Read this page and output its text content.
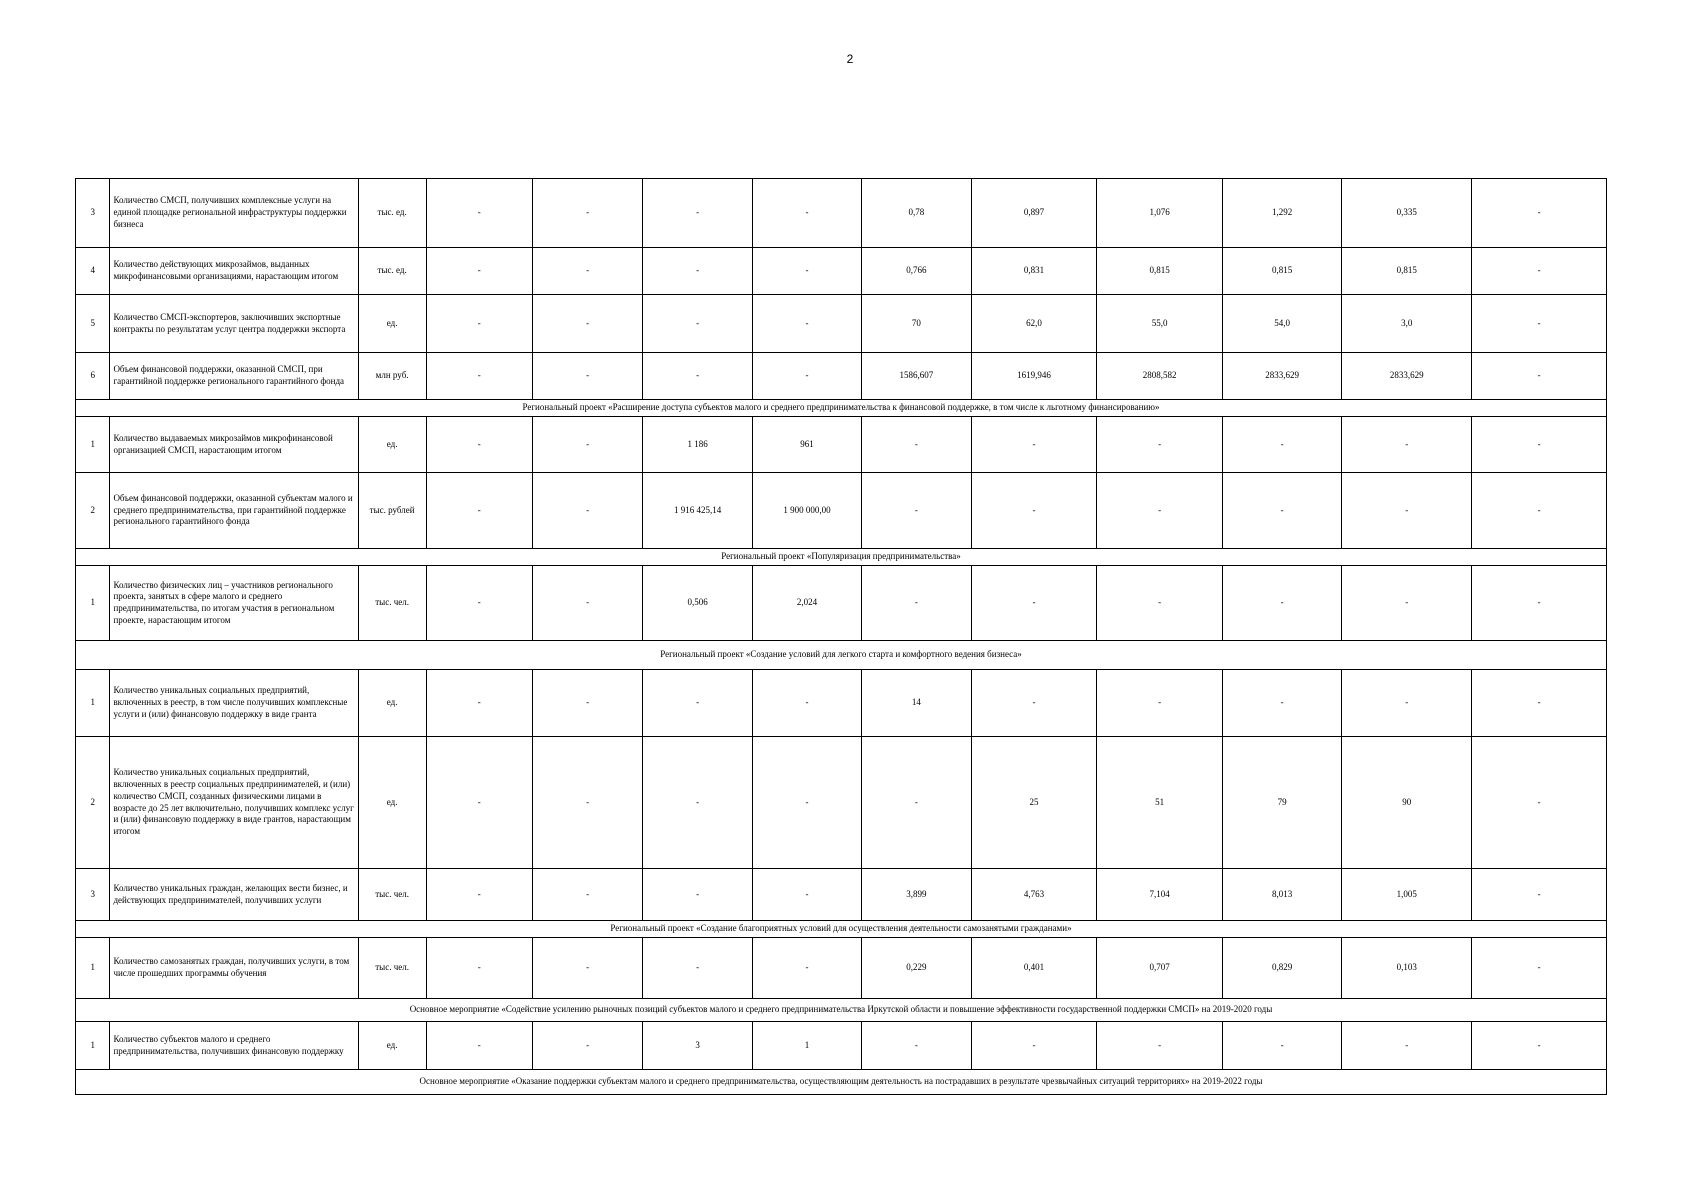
2
3	Количество СМСП, получивших комплексные услуги на единой площадке региональной инфраструктуры поддержки бизнеса	тыс. ед.	-	-	-	-	0,78	0,897	1,076	1,292	0,335	-
4	Количество действующих микрозаймов, выданных микрофинансовыми организациями, нарастающим итогом	тыс. ед.	-	-	-	-	0,766	0,831	0,815	0,815	0,815	-
5	Количество СМСП-экспортеров, заключивших экспортные контракты по результатам услуг центра поддержки экспорта	ед.	-	-	-	-	70	62,0	55,0	54,0	3,0	-
6	Объем финансовой поддержки, оказанной СМСП, при гарантийной поддержке регионального гарантийного фонда	млн руб.	-	-	-	-	1586,607	1619,946	2808,582	2833,629	2833,629	-
Региональный проект «Расширение доступа субъектов малого и среднего предпринимательства к финансовой поддержке, в том числе к льготному финансированию»												
1	Количество выдаваемых микрозаймов микрофинансовой организацией СМСП, нарастающим итогом	ед.	-	-	1 186	961	-	-	-	-	-	-
2	Объем финансовой поддержки, оказанной субъектам малого и среднего предпринимательства, при гарантийной поддержке регионального гарантийного фонда	тыс. рублей	-	-	1 916 425,14	1 900 000,00	-	-	-	-	-	-
Региональный проект «Популяризация предпринимательства»												
1	Количество физических лиц – участников регионального проекта, занятых в сфере малого и среднего предпринимательства, по итогам участия в региональном проекте, нарастающим итогом	тыс. чел.	-	-	0,506	2,024	-	-	-	-	-	-
Региональный проект «Создание условий для легкого старта и комфортного ведения бизнеса»												
1	Количество уникальных социальных предприятий, включенных в реестр, в том числе получивших комплексные услуги и (или) финансовую поддержку в виде гранта	ед.	-	-	-	-	14	-	-	-	-	-
2	Количество уникальных социальных предприятий, включенных в реестр социальных предпринимателей, и (или) количество СМСП, созданных физическими лицами в возрасте до 25 лет включительно, получивших комплекс услуг и (или) финансовую поддержку в виде грантов, нарастающим итогом	ед.	-	-	-	-	-	25	51	79	90	-
3	Количество уникальных граждан, желающих вести бизнес, и действующих предпринимателей, получивших услуги	тыс. чел.	-	-	-	-	3,899	4,763	7,104	8,013	1,005	-
Региональный проект «Создание благоприятных условий для осуществления деятельности самозанятыми гражданами»												
1	Количество самозанятых граждан, получивших услуги, в том числе прошедших программы обучения	тыс. чел.	-	-	-	-	0,229	0,401	0,707	0,829	0,103	-
Основное мероприятие «Содействие усилению рыночных позиций субъектов малого и среднего предпринимательства Иркутской области и повышение эффективности государственной поддержки СМСП» на 2019-2020 годы												
1	Количество субъектов малого и среднего предпринимательства, получивших финансовую поддержку	ед.	-	-	3	1	-	-	-	-	-	-
Основное мероприятие «Оказание поддержки субъектам малого и среднего предпринимательства, осуществляющим деятельность на пострадавших в результате чрезвычайных ситуаций территориях» на 2019-2022 годы												
